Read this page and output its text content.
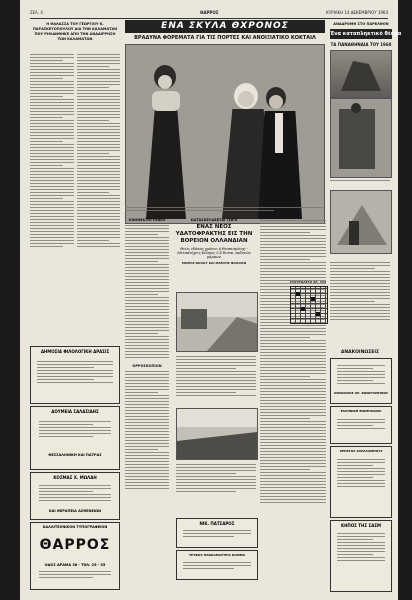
ΣΕΛ. 4	ΘΑΡΡΟΣ	ΚΥΡΙΑΚΗ 14 ΔΕΚΕΜΒΡΙΟΥ 1964
Η ΘΑΛΑΣΣΑ ΤΟΥ ΓΕΩΡΓΙΟΥ Κ. ΠΑΡΑΣΚΕΥΟΠΟΥΛΟΥ ΔΙΑ ΤΗΝ ΚΑΛΑΜΑΤΑΝ ΠΟΥ ΡΗΛΑΝΘΗΚΕ ΑΠΟ ΤΗΝ ΑΝΑΔΙΡΡΗΣΗ ΤΩΝ ΚΑΛΑΜΑΤΩΝ
ΔΗΜΟΣΙΑ ΦΙΛΟΛΟΓΙΚΗ ΔΡΑΣΙΣ
ΔΟΥΜΕΙΑ ΣΑΛΑΣΙΔΗΣ
ΘΕΣΣΑΛΟΝΙΚΗ ΚΑΙ ΠΑΤΡΑΣ
ΚΟΣΜΑΣ Χ. ΜΩΛΑΗ
ΚΑΙ ΘΕΡΑΠΕΙΑ ΑΣΘΕΝΕΙΩΝ
ΚΑΛΛΙΤΕΧΝΙΚΟΝ ΤΥΠΟΓΡΑΦΕΙΟΝ
ΘΑΡΡΟΣ
ΟΔΟΣ ΔΡΑΜΑ 38 - ΤΗΛ. 25 - 35
ΕΝΑ ΣΚΥΛΑ ΘΧΡΟΝΟΣ
ΒΡΑΔΥΝΑ ΦΟΡΕΜΑΤΑ ΓΙΑ ΤΙΣ ΠΟΡΤΕΣ ΚΑΙ ΑΝΟΙΞΙΑΤΙΚΟ ΚΟΚΤΑΙΛ
ΚΙΝΗΜΑΤΟΓΡΑΦΟΙ
ΟΡΡΟΣΚΟΠΙΟΝ
ΚΑΤΑΣΚΕΥΑΖΕΤΑΙ ΤΩΡΑ
ΕΝΑΣ ΝΕΟΣ ΥΔΑΤΟΦΡΑΚΤΗΣ ΕΙΣ ΤΗΝ ΒΟΡΕΙΟΝ ΟΛΛΑΝΔΙΑΝ
Θεώς εδόσας χρόνου ή Θεσπισμένης - Μεταπτύχεις Κόσμος 5,6 δισεκ. εκδονών μάρκων
ΜΙΣΕΛΕ ΝΟΛΟΥ ΚΑΙ ΜΑΡΛΗΣ ΦΙΛΣΣΟΝ
ΝΙΚ. ΠΑΤΣΑΡΟΣ
ΤΡΥΦΟΣ ΠΑΝΟΑΜΑΣΤΡΙΑ ΚΟΜΜΑ
ΑΝΑΔΡΟΜΗ ΣΤΟ ΠΑΡΕΛΘΟΝ
Ένα καταπληκτικό θέαμα
ΤΑ ΠΑΝΑΘΗΝΑΙΑ ΤΟΥ 1960
ΣΤΑΥΡΟΛΕΞΟ ΑΡ. 433
ΑΝΑΚΟΙΝΩΣΕΙΣ
ΑΘΑΝΑΣΙΟΣ ΑΡ. ΚΩΝΣΤΑΝΤΙΝΟΣ
ΕΛΛΗΝΙΚΗ ΒΙΟΜΗΧΑΝΙΑ
ΧΡΗΣΤΟΣ ΧΑΡΑΛΑΜΠΟΥΣ
ΚΗΠΟΣ ΤΗΣ ΣΑΣΜ
